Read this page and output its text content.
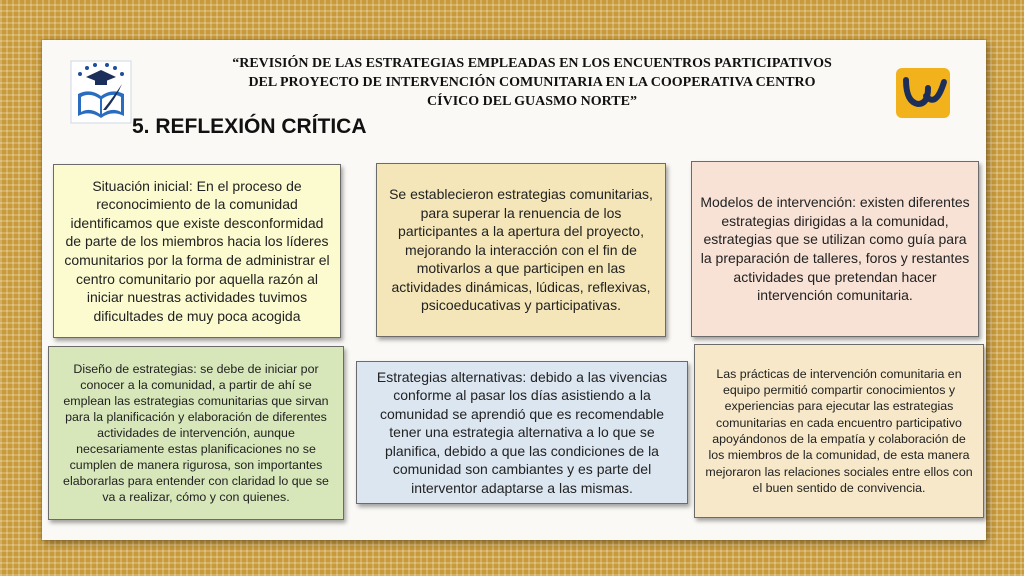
“REVISIÓN DE LAS ESTRATEGIAS EMPLEADAS EN LOS ENCUENTROS PARTICIPATIVOS DEL PROYECTO DE INTERVENCIÓN COMUNITARIA EN LA COOPERATIVA CENTRO CÍVICO DEL GUASMO NORTE”
5. REFLEXIÓN CRÍTICA
Situación inicial: En el proceso de reconocimiento de la comunidad identificamos que existe desconformidad de parte de los miembros hacia los líderes comunitarios por la forma de administrar el centro comunitario por aquella razón al iniciar nuestras actividades tuvimos dificultades de muy poca acogida
Se establecieron estrategias comunitarias, para superar la renuencia de los participantes a la apertura del proyecto, mejorando la interacción con el fin de motivarlos a que participen en las actividades dinámicas, lúdicas, reflexivas, psicoeducativas y participativas.
Modelos de intervención: existen diferentes estrategias dirigidas a la comunidad, estrategias que se utilizan como guía para la preparación de talleres, foros y restantes actividades que pretendan hacer intervención comunitaria.
Diseño de estrategias: se debe de iniciar por conocer a la comunidad, a partir de ahí se emplean las estrategias comunitarias que sirvan para la planificación y elaboración de diferentes actividades de intervención, aunque necesariamente estas planificaciones no se cumplen de manera rigurosa, son importantes elaborarlas para entender con claridad lo que se va a realizar, cómo y con quienes.
Estrategias alternativas: debido a las vivencias conforme al pasar los días asistiendo a la comunidad se aprendió que es recomendable tener una estrategia alternativa a lo que se planifica, debido a que las condiciones de la comunidad son cambiantes y es parte del interventor adaptarse a las mismas.
Las prácticas de intervención comunitaria en equipo permitió compartir conocimientos y experiencias para ejecutar las estrategias comunitarias en cada encuentro participativo apoyándonos de la empatía y colaboración de los miembros de la comunidad, de esta manera mejoraron las relaciones sociales entre ellos con el buen sentido de convivencia.
